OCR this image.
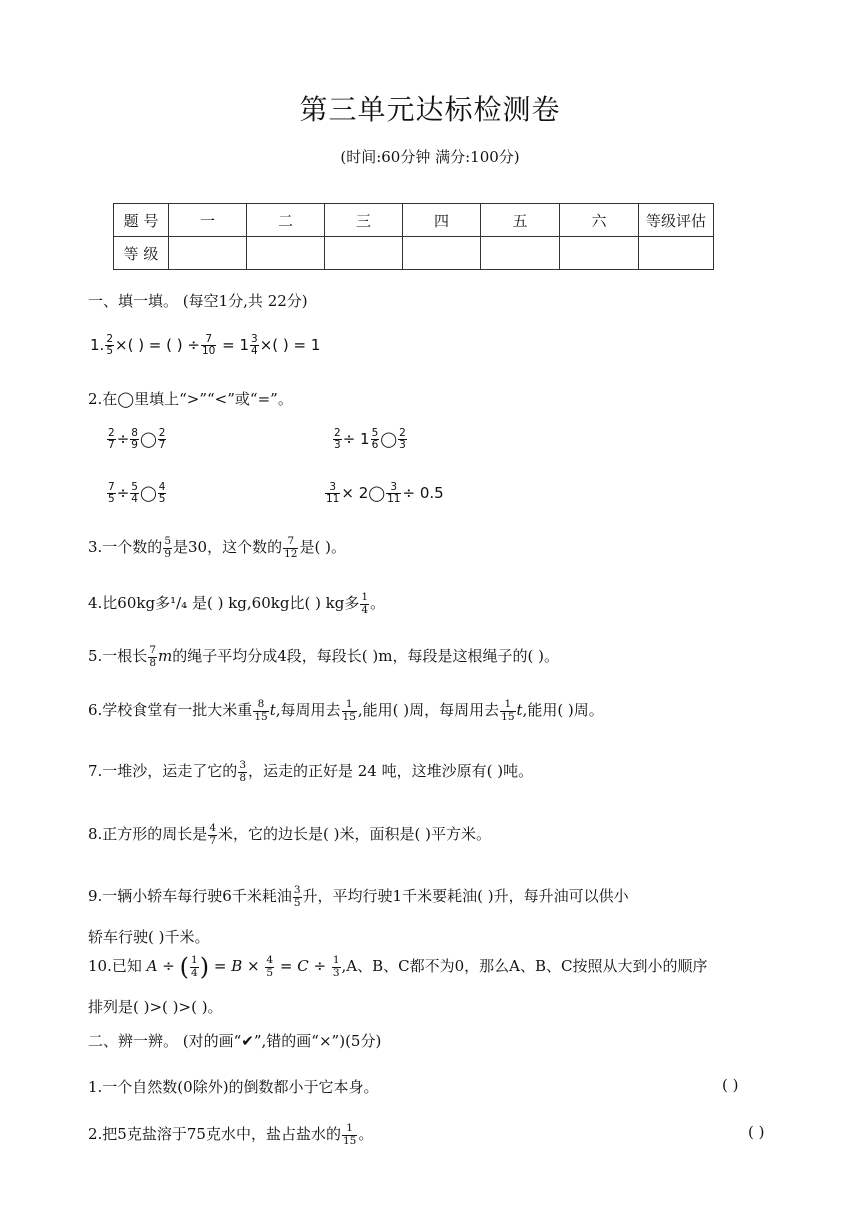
第三单元达标检测卷
(时间:60分钟 满分:100分)
题 号	一	二	三	四	五	六	等级评估
等 级							
一、填一填。 (每空1分,共 22分)
1. $\frac{2}{5}$ ×( ) = ( ) ÷ $\frac{7}{10} = 1 \frac{3}{4}$ ×( ) = 1
2.在◯里填上“>”“<”或“=”。
$\frac{2}{7} \div \frac{8}{9}$ ◯ $\frac{2}{7}$	$\frac{2}{3} \div 1 \frac{5}{6}$ ◯ $\frac{2}{3}$
$\frac{7}{5} \div \frac{5}{4}$ ◯ $\frac{4}{5}$	$\frac{3}{11}$ × 2◯ $\frac{3}{11} \div 0.5$
3.一个数的 $\frac{5}{9}$ 是30，这个数的 $\frac{7}{12}$ 是( )。
4.比60kg多¹/₄ 是( ) kg,60kg比( ) kg多 $\frac{1}{4}$ 。
5.一根长 $\frac{7}{8}$ m的绳子平均分成4段，每段长( )m，每段是这根绳子的( )。
6.学校食堂有一批大米重 $\frac{8}{15} t$,每周用去 $\frac{1}{15}$ ,能用( )周，每周用去 $\frac{1}{15} t$,能用( )周。
7.一堆沙，运走了它的 $\frac{3}{8}$ ，运走的正好是 24 吨，这堆沙原有( )吨。
8.正方形的周长是 $\frac{4}{7}$ 米，它的边长是( )米，面积是( )平方米。
9.一辆小轿车每行驶6千米耗油 $\frac{3}{5}$ 升，平均行驶1千米要耗油( )升，每升油可以供小
轿车行驶( )千米。
10.已知 A ÷ ( $\frac{1}{4}$ ) = $B \times \frac{4}{5} = C \div \frac{1}{3} ,A$、B、C都不为0，那么A、B、C按照从大到小的顺序
排列是( )>( )>( )。
二、辨一辨。 (对的画“✔”,错的画“×”)(5分)
1.一个自然数(0除外)的倒数都小于它本身。	( )
2.把5克盐溶于75克水中，盐占盐水的 $\frac{1}{15}$ 。	( )
